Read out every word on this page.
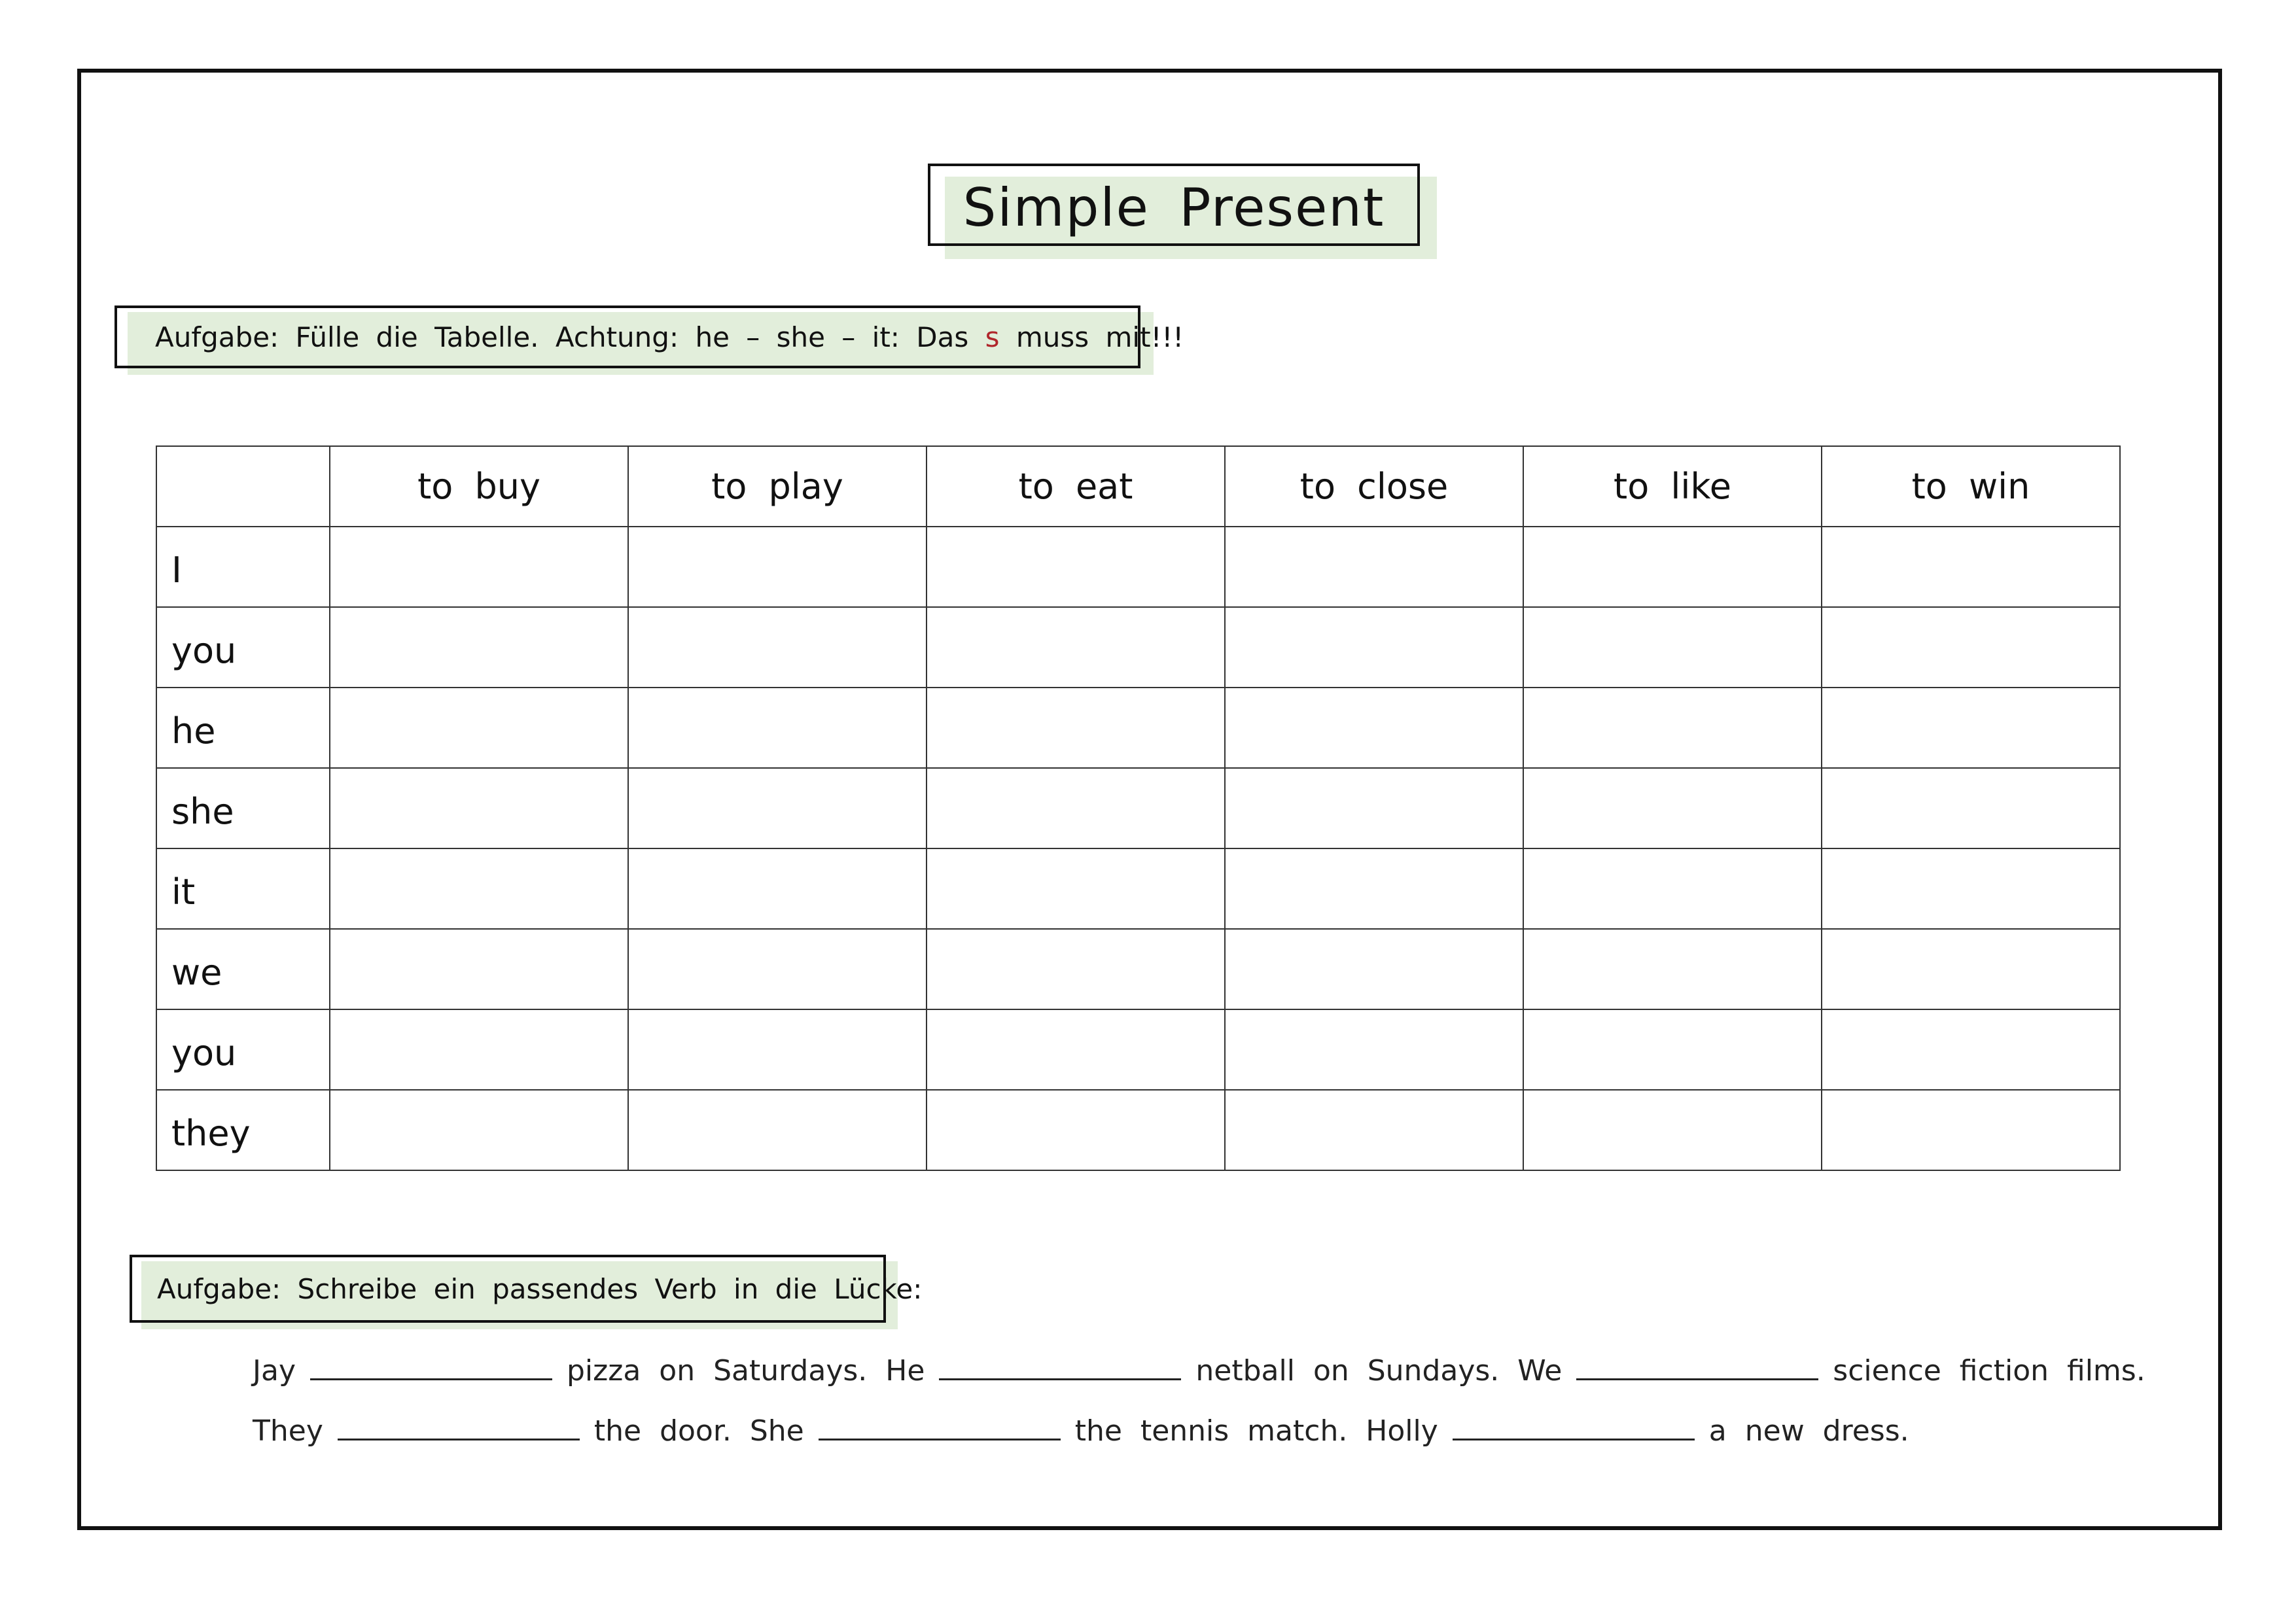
Simple Present
Aufgabe: Fülle die Tabelle. Achtung: he – she – it: Das
s
muss mit!!!
	to buy	to play	to eat	to close	to like	to win
I						
you						
he						
she						
it						
we						
you						
they						
Aufgabe: Schreibe ein passendes Verb in die Lücke:
Jay	pizza on Saturdays. He	netball on Sundays. We	science fiction films.
They	the door. She	the tennis match. Holly	a new dress.
